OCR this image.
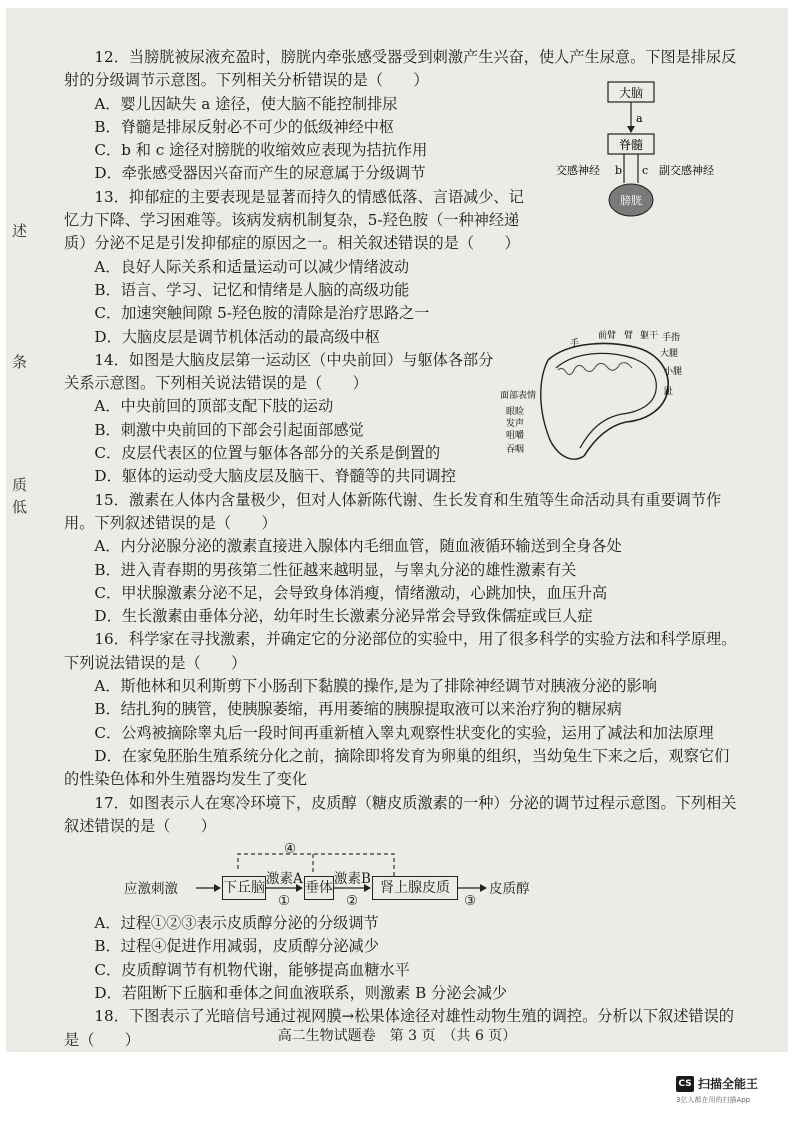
述
条
质
低
大脑
a
脊髓
b c
膀胱
交感神经	副交感神经
手
前臂 臂 躯干 手指
大腿
小腿
趾
面部表情
眼睑
发声
咀嚼
吞咽

12．当膀胱被尿液充盈时，膀胱内牵张感受器受到刺激产生兴奋，使人产生尿意。下图是排尿反射的分级调节示意图。下列相关分析错误的是（　　）

A．婴儿因缺失 a 途径，使大脑不能控制排尿

B．脊髓是排尿反射必不可少的低级神经中枢

C．b 和 c 途径对膀胱的收缩效应表现为拮抗作用

D．牵张感受器因兴奋而产生的尿意属于分级调节

13．抑郁症的主要表现是显著而持久的情感低落、言语减少、记忆力下降、学习困难等。该病发病机制复杂，5-羟色胺（一种神经递质）分泌不足是引发抑郁症的原因之一。相关叙述错误的是（　　）

A．良好人际关系和适量运动可以减少情绪波动

B．语言、学习、记忆和情绪是人脑的高级功能

C．加速突触间隙 5-羟色胺的清除是治疗思路之一

D．大脑皮层是调节机体活动的最高级中枢

14．如图是大脑皮层第一运动区（中央前回）与躯体各部分关系示意图。下列相关说法错误的是（　　）

A．中央前回的顶部支配下肢的运动

B．刺激中央前回的下部会引起面部感觉

C．皮层代表区的位置与躯体各部分的关系是倒置的

D．躯体的运动受大脑皮层及脑干、脊髓等的共同调控

15．激素在人体内含量极少，但对人体新陈代谢、生长发育和生殖等生命活动具有重要调节作用。下列叙述错误的是（　　）

A．内分泌腺分泌的激素直接进入腺体内毛细血管，随血液循环输送到全身各处

B．进入青春期的男孩第二性征越来越明显，与睾丸分泌的雄性激素有关

C．甲状腺激素分泌不足，会导致身体消瘦，情绪激动，心跳加快，血压升高

D．生长激素由垂体分泌，幼年时生长激素分泌异常会导致侏儒症或巨人症

16．科学家在寻找激素，并确定它的分泌部位的实验中，用了很多科学的实验方法和科学原理。下列说法错误的是（　　）

A．斯他林和贝利斯剪下小肠刮下黏膜的操作,是为了排除神经调节对胰液分泌的影响

B．结扎狗的胰管，使胰腺萎缩，再用萎缩的胰腺提取液可以来治疗狗的糖尿病

C．公鸡被摘除睾丸后一段时间再重新植入睾丸观察性状变化的实验，运用了减法和加法原理

D．在家兔胚胎生殖系统分化之前，摘除即将发育为卵巢的组织，当幼兔生下来之后，观察它们的性染色体和外生殖器均发生了变化

17．如图表示人在寒冷环境下，皮质醇（糖皮质激素的一种）分泌的调节过程示意图。下列相关叙述错误的是（　　）

④
应激刺激	下丘脑
激素A
①
垂体
激素B
②
肾上腺皮质
③
皮质醇

A．过程①②③表示皮质醇分泌的分级调节

B．过程④促进作用减弱，皮质醇分泌减少

C．皮质醇调节有机物代谢，能够提高血糖水平

D．若阻断下丘脑和垂体之间血液联系，则激素 B 分泌会减少

18．下图表示了光暗信号通过视网膜→松果体途径对雄性动物生殖的调控。分析以下叙述错误的是（　　）	高二生物试题卷　第 3 页　（共 6 页）
CS 扫描全能王
3亿人都在用的扫描App
